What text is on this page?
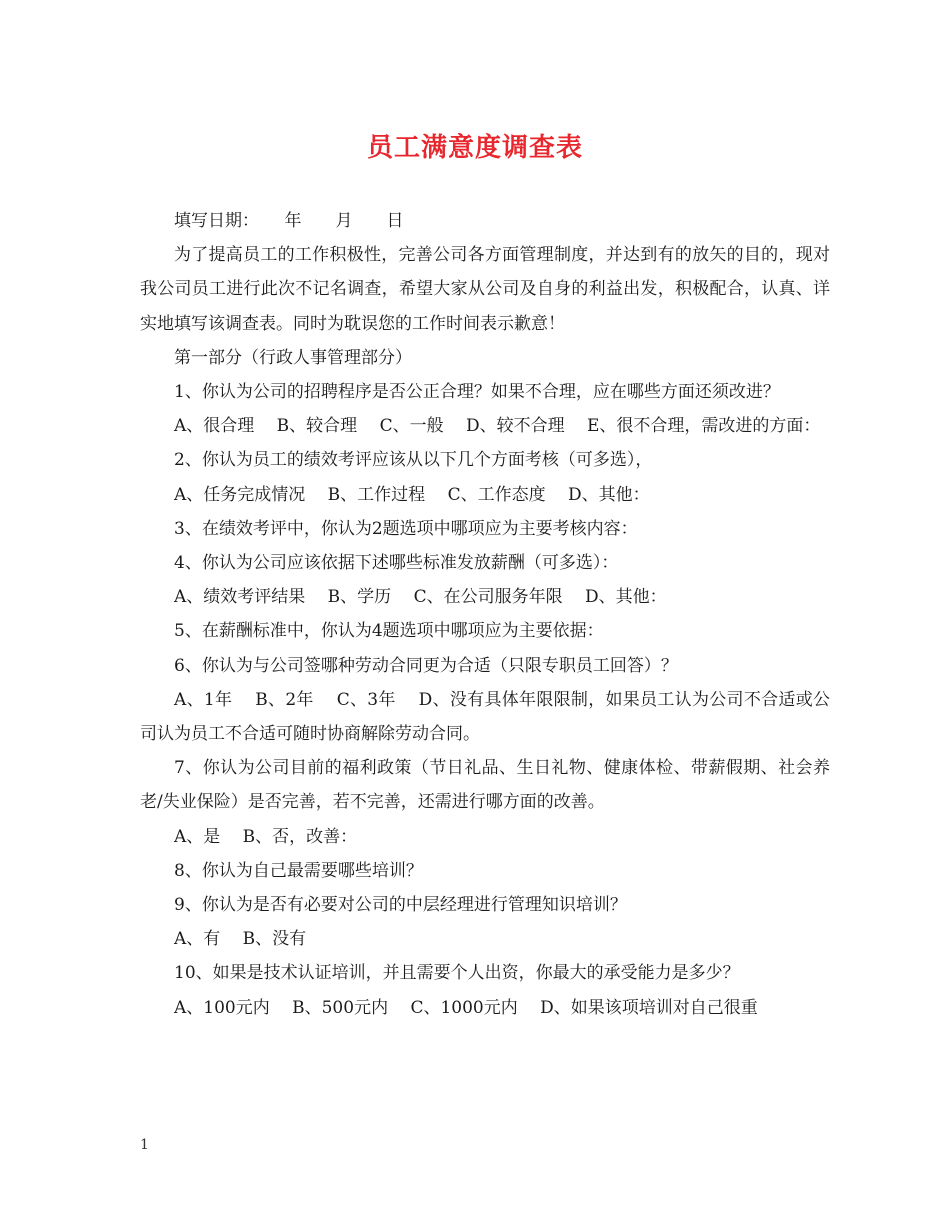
员工满意度调查表

填写日期：　　年　　月　　日

为了提高员工的工作积极性，完善公司各方面管理制度，并达到有的放矢的目的，现对我公司员工进行此次不记名调查，希望大家从公司及自身的利益出发，积极配合，认真、详实地填写该调查表。同时为耽误您的工作时间表示歉意！

第一部分（行政人事管理部分）

1、你认为公司的招聘程序是否公正合理？如果不合理，应在哪些方面还须改进？

A、很合理　 B、较合理　 C、一般　 D、较不合理　 E、很不合理，需改进的方面：

2、你认为员工的绩效考评应该从以下几个方面考核（可多选），

A、任务完成情况　 B、工作过程　 C、工作态度　 D、其他：

3、在绩效考评中，你认为2题选项中哪项应为主要考核内容：

4、你认为公司应该依据下述哪些标准发放薪酬（可多选）：

A、绩效考评结果　 B、学历　 C、在公司服务年限　 D、其他：

5、在薪酬标准中，你认为4题选项中哪项应为主要依据：

6、你认为与公司签哪种劳动合同更为合适（只限专职员工回答）？

A、1年　 B、2年　 C、3年　 D、没有具体年限限制，如果员工认为公司不合适或公司认为员工不合适可随时协商解除劳动合同。

7、你认为公司目前的福利政策（节日礼品、生日礼物、健康体检、带薪假期、社会养老/失业保险）是否完善，若不完善，还需进行哪方面的改善。

A、是　 B、否，改善：

8、你认为自己最需要哪些培训？

9、你认为是否有必要对公司的中层经理进行管理知识培训？

A、有　 B、没有

10、如果是技术认证培训，并且需要个人出资，你最大的承受能力是多少？

A、100元内　 B、500元内　 C、1000元内　 D、如果该项培训对自己很重

1
